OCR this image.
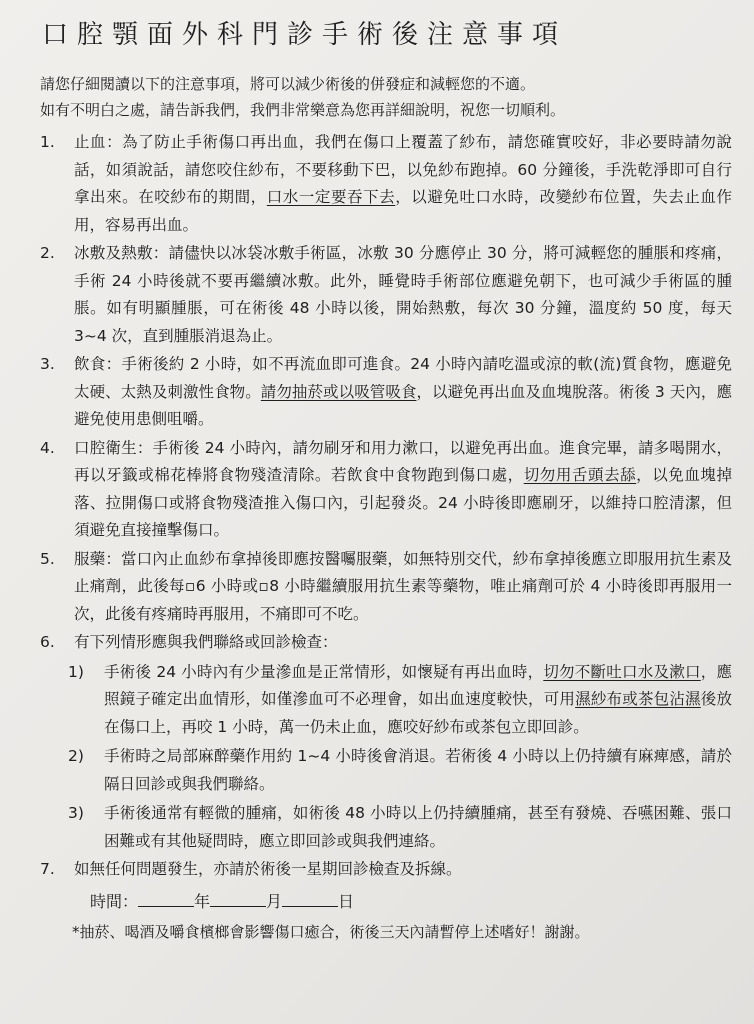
口腔顎面外科門診手術後注意事項

請您仔細閱讀以下的注意事項，將可以減少術後的併發症和減輕您的不適。

如有不明白之處，請告訴我們，我們非常樂意為您再詳細說明，祝您一切順利。

1.	止血：為了防止手術傷口再出血，我們在傷口上覆蓋了紗布，請您確實咬好，非必要時請勿說話，如須說話，請您咬住紗布，不要移動下巴，以免紗布跑掉。60 分鐘後，手洗乾淨即可自行拿出來。在咬紗布的期間，口水一定要吞下去，以避免吐口水時，改變紗布位置，失去止血作用，容易再出血。
2.	冰敷及熱敷：請儘快以冰袋冰敷手術區，冰敷 30 分應停止 30 分，將可減輕您的腫脹和疼痛，手術 24 小時後就不要再繼續冰敷。此外，睡覺時手術部位應避免朝下，也可減少手術區的腫脹。如有明顯腫脹，可在術後 48 小時以後，開始熱敷，每次 30 分鐘，溫度約 50 度，每天 3~4 次，直到腫脹消退為止。
3.	飲食：手術後約 2 小時，如不再流血即可進食。24 小時內請吃溫或涼的軟(流)質食物，應避免太硬、太熱及刺激性食物。請勿抽菸或以吸管吸食，以避免再出血及血塊脫落。術後 3 天內，應避免使用患側咀嚼。
4.	口腔衛生：手術後 24 小時內，請勿刷牙和用力漱口，以避免再出血。進食完畢，請多喝開水，再以牙籤或棉花棒將食物殘渣清除。若飲食中食物跑到傷口處，切勿用舌頭去舔，以免血塊掉落、拉開傷口或將食物殘渣推入傷口內，引起發炎。24 小時後即應刷牙，以維持口腔清潔，但須避免直接撞擊傷口。
5.	服藥：當口內止血紗布拿掉後即應按醫囑服藥，如無特別交代，紗布拿掉後應立即服用抗生素及止痛劑，此後每▫6 小時或▫8 小時繼續服用抗生素等藥物，唯止痛劑可於 4 小時後即再服用一次，此後有疼痛時再服用，不痛即可不吃。
6.	有下列情形應與我們聯絡或回診檢查：
1)	手術後 24 小時內有少量滲血是正常情形，如懷疑有再出血時，切勿不斷吐口水及漱口，應照鏡子確定出血情形，如僅滲血可不必理會，如出血速度較快，可用濕紗布或茶包沾濕後放在傷口上，再咬 1 小時，萬一仍未止血，應咬好紗布或茶包立即回診。
2)	手術時之局部麻醉藥作用約 1~4 小時後會消退。若術後 4 小時以上仍持續有麻痺感，請於隔日回診或與我們聯絡。
3)	手術後通常有輕微的腫痛，如術後 48 小時以上仍持續腫痛，甚至有發燒、吞嚥困難、張口困難或有其他疑問時，應立即回診或與我們連絡。
7.	如無任何問題發生，亦請於術後一星期回診檢查及拆線。
時間：	年	月	日
*抽菸、喝酒及嚼食檳榔會影響傷口癒合，術後三天內請暫停上述嗜好！謝謝。
